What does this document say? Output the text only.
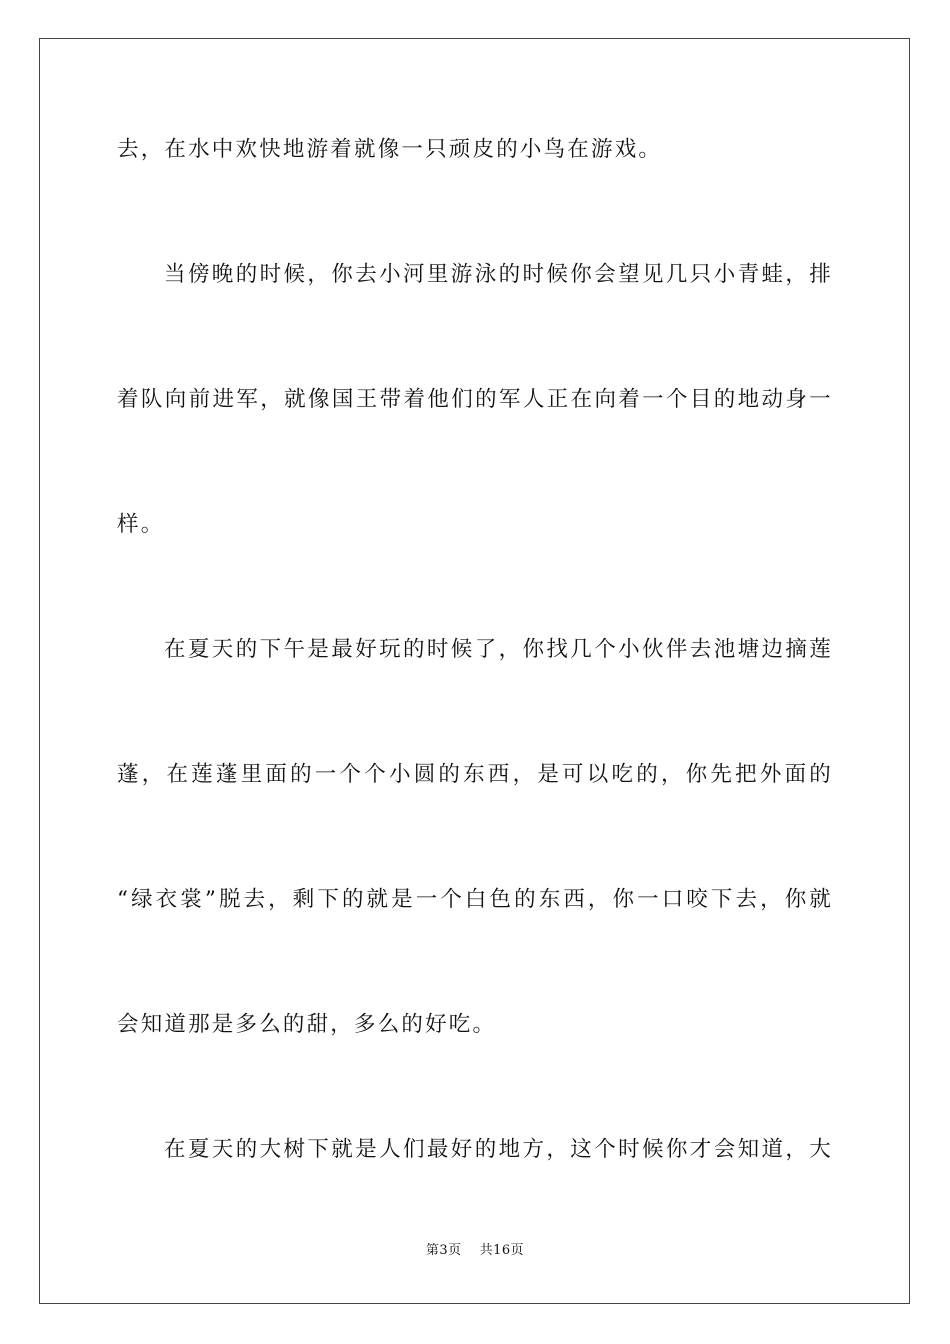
去，在水中欢快地游着就像一只顽皮的小鸟在游戏。
当傍晚的时候，你去小河里游泳的时候你会望见几只小青蛙，排
着队向前进军，就像国王带着他们的军人正在向着一个目的地动身一
样。
在夏天的下午是最好玩的时候了，你找几个小伙伴去池塘边摘莲
蓬，在莲蓬里面的一个个小圆的东西，是可以吃的，你先把外面的
“绿衣裳”脱去，剩下的就是一个白色的东西，你一口咬下去，你就
会知道那是多么的甜，多么的好吃。
在夏天的大树下就是人们最好的地方，这个时候你才会知道，大
第3页 共16页
